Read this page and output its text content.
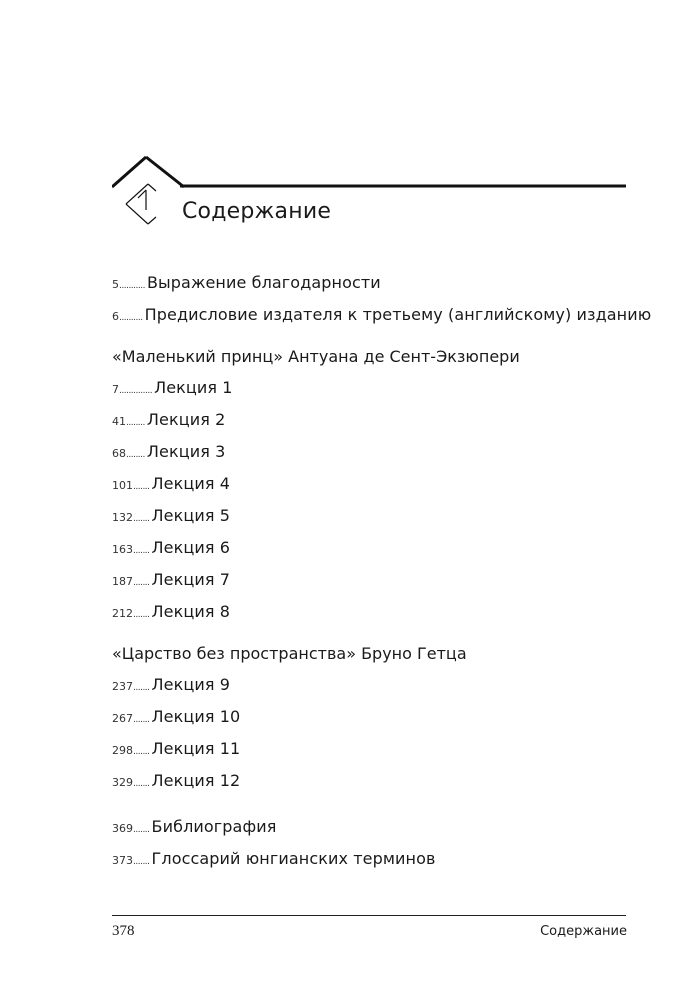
Содержание
5 ........... Выражение благодарности
6 .......... Предисловие издателя к третьему (английскому) изданию
«Маленький принц» Антуана де Сент-Экзюпери
7 .............. Лекция 1
41 ........ Лекция 2
68 ........ Лекция 3
101 ....... Лекция 4
132 ....... Лекция 5
163 ....... Лекция 6
187 ....... Лекция 7
212 ....... Лекция 8
«Царство без пространства» Бруно Гетца
237 ....... Лекция 9
267 ....... Лекция 10
298 ....... Лекция 11
329 ....... Лекция 12
369 ....... Библиография
373 ....... Глоссарий юнгианских терминов
378	Содержание
